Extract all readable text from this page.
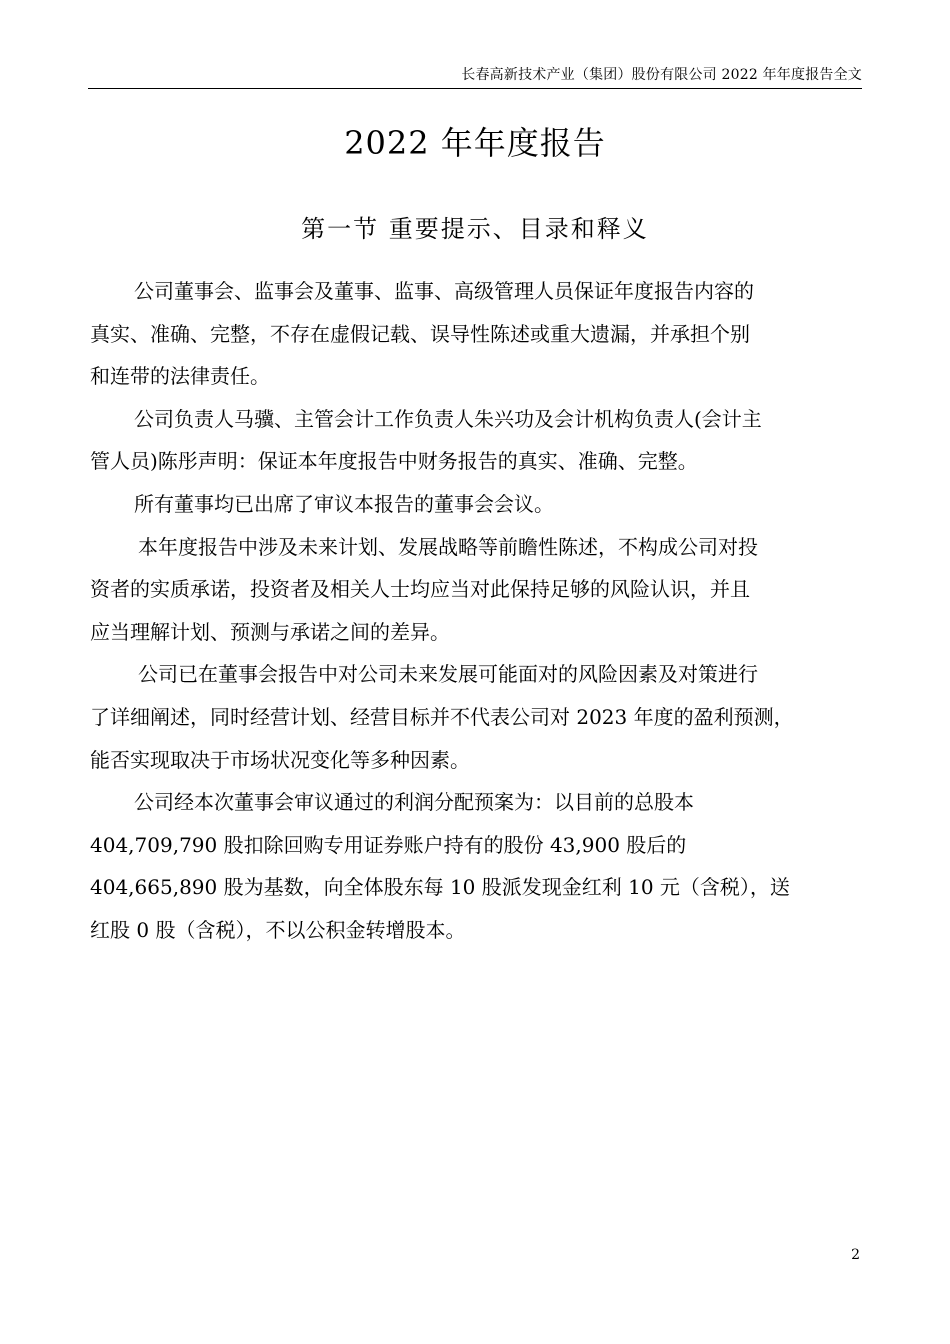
长春高新技术产业（集团）股份有限公司 2022 年年度报告全文
2022 年年度报告
第一节 重要提示、目录和释义

公司董事会、监事会及董事、监事、高级管理人员保证年度报告内容的
真实、准确、完整，不存在虚假记载、误导性陈述或重大遗漏，并承担个别
和连带的法律责任。

公司负责人马骥、主管会计工作负责人朱兴功及会计机构负责人(会计主
管人员)陈彤声明：保证本年度报告中财务报告的真实、准确、完整。

所有董事均已出席了审议本报告的董事会会议。

本年度报告中涉及未来计划、发展战略等前瞻性陈述，不构成公司对投
资者的实质承诺，投资者及相关人士均应当对此保持足够的风险认识，并且
应当理解计划、预测与承诺之间的差异。

公司已在董事会报告中对公司未来发展可能面对的风险因素及对策进行
了详细阐述，同时经营计划、经营目标并不代表公司对 2023 年度的盈利预测，
能否实现取决于市场状况变化等多种因素。

公司经本次董事会审议通过的利润分配预案为：以目前的总股本
404,709,790 股扣除回购专用证券账户持有的股份 43,900 股后的
404,665,890 股为基数，向全体股东每 10 股派发现金红利 10 元（含税），送
红股 0 股（含税），不以公积金转增股本。

2
